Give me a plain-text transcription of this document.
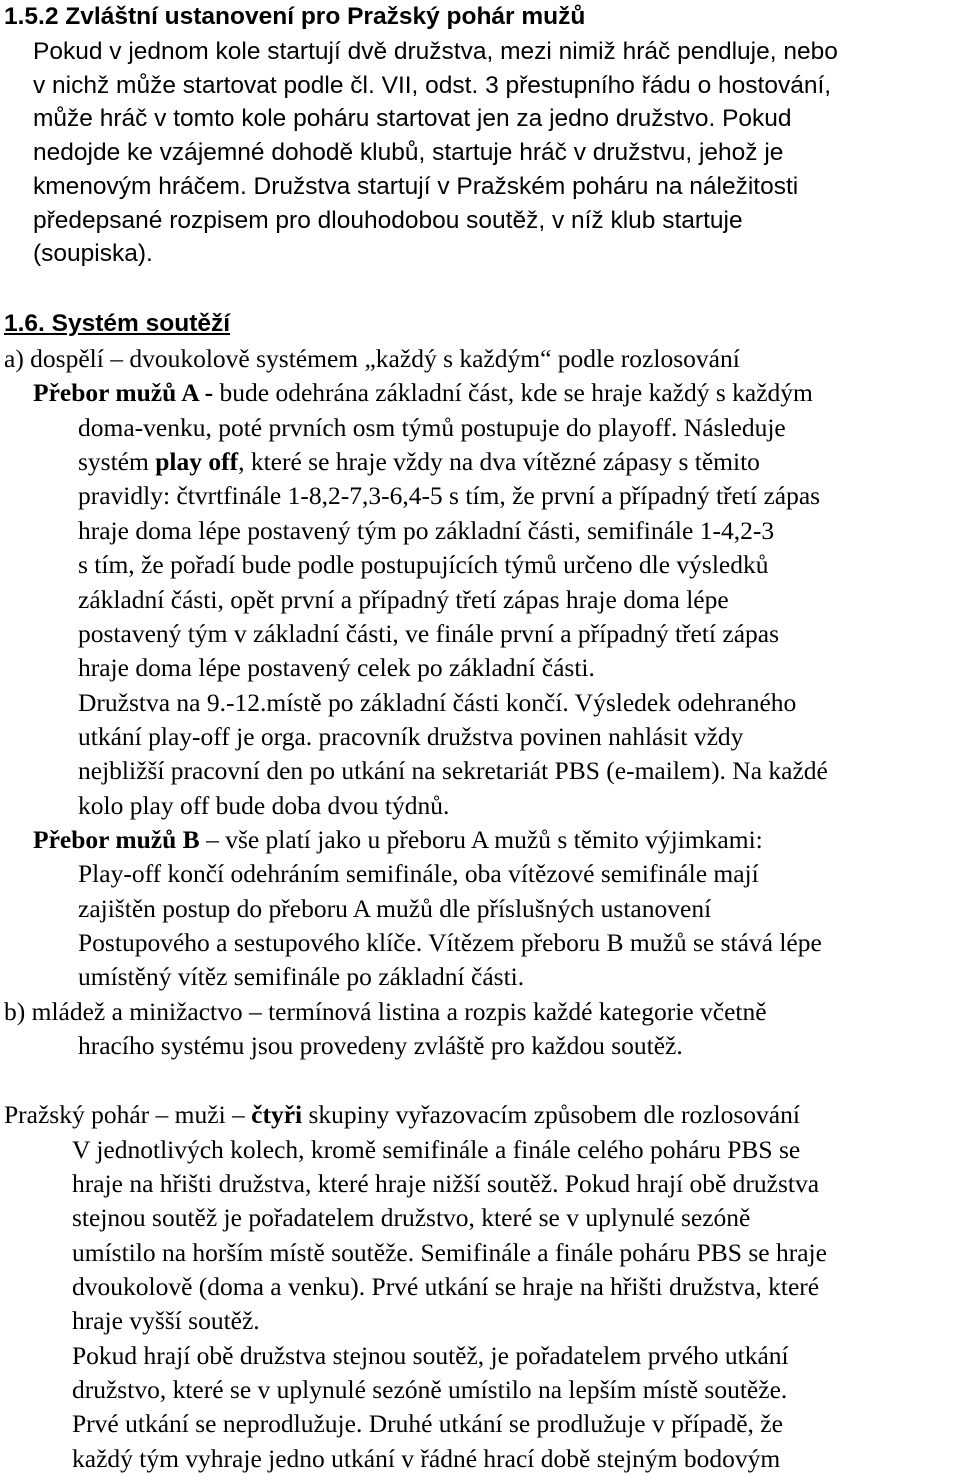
1.5.2 Zvláštní ustanovení pro Pražský pohár mužů
Pokud v jednom kole startují dvě družstva, mezi nimiž hráč pendluje, nebo
v nichž může startovat podle čl. VII, odst. 3 přestupního řádu o hostování,
může hráč v tomto kole poháru startovat jen za jedno družstvo. Pokud
nedojde ke vzájemné dohodě klubů, startuje hráč v družstvu, jehož je
kmenovým hráčem. Družstva startují v Pražském poháru na náležitosti
předepsané rozpisem pro dlouhodobou soutěž, v níž klub startuje
(soupiska).
1.6. Systém soutěží
a) dospělí – dvoukolově systémem „každý s každým“ podle rozlosování
Přebor mužů A - bude odehrána základní část, kde se hraje každý s každým
doma-venku, poté prvních osm týmů postupuje do playoff. Následuje
systém play off, které se hraje vždy na dva vítězné zápasy s těmito
pravidly: čtvrtfinále 1-8,2-7,3-6,4-5 s tím, že první a případný třetí zápas
hraje doma lépe postavený tým po základní části, semifinále 1-4,2-3
s tím, že pořadí bude podle postupujících týmů určeno dle výsledků
základní části, opět první a případný třetí zápas hraje doma lépe
postavený tým v základní části, ve finále první a případný třetí zápas
hraje doma lépe postavený celek po základní části.
Družstva na 9.-12.místě po základní části končí. Výsledek odehraného
utkání play-off je orga. pracovník družstva povinen nahlásit vždy
nejbližší pracovní den po utkání na sekretariát PBS (e-mailem). Na každé
kolo play off bude doba dvou týdnů.
Přebor mužů B – vše platí jako u přeboru A mužů s těmito výjimkami:
Play-off končí odehráním semifinále, oba vítězové semifinále mají
zajištěn postup do přeboru A mužů dle příslušných ustanovení
Postupového a sestupového klíče. Vítězem přeboru B mužů se stává lépe
umístěný vítěz semifinále po základní části.
b) mládež a minižactvo – termínová listina a rozpis každé kategorie včetně
hracího systému jsou provedeny zvláště pro každou soutěž.
Pražský pohár – muži – čtyři skupiny vyřazovacím způsobem dle rozlosování
V jednotlivých kolech, kromě semifinále a finále celého poháru PBS se
hraje na hřišti družstva, které hraje nižší soutěž. Pokud hrají obě družstva
stejnou soutěž je pořadatelem družstvo, které se v uplynulé sezóně
umístilo na horším místě soutěže. Semifinále a finále poháru PBS se hraje
dvoukolově (doma a venku). Prvé utkání se hraje na hřišti družstva, které
hraje vyšší soutěž.
Pokud hrají obě družstva stejnou soutěž, je pořadatelem prvého utkání
družstvo, které se v uplynulé sezóně umístilo na lepším místě soutěže.
Prvé utkání se neprodlužuje. Druhé utkání se prodlužuje v případě, že
každý tým vyhraje jedno utkání v řádné hrací době stejným bodovým
